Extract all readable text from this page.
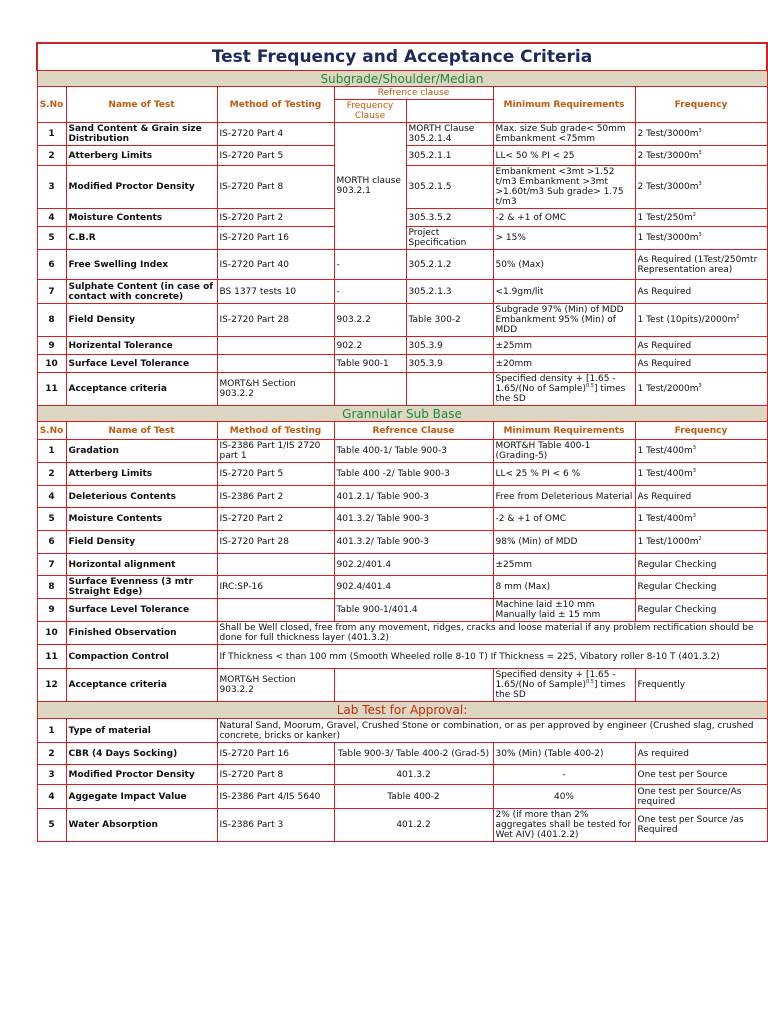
Test Frequency and Acceptance Criteria						
Subgrade/Shoulder/Median						
S.No	Name of Test	Method of Testing	Refrence clause		Minimum Requirements	Frequency
			Frequency Clause			
1	Sand Content & Grain size Distribution	IS-2720 Part 4	MORTH clause 903.2.1	MORTH Clause 305.2.1.4	Max. size Sub grade< 50mm Embankment <75mm	2 Test/$3000m^3$
2	Atterberg Limits	IS-2720 Part 5		305.2.1.1	LL< 50 % PI < 25	2 Test/$3000m^3$
3	Modified Proctor Density	IS-2720 Part 8		305.2.1.5	Embankment <3mt >1.52 t/m3 Embankment >3mt >1.60t/m3 Sub grade> 1.75 t/m3	2 Test/$3000m^3$
4	Moisture Contents	IS-2720 Part 2		305.3.5.2	-2 & +1 of OMC	1 Test/$250m^2$
5	C.B.R	IS-2720 Part 16		Project Specification	> 15%	1 Test/$3000m^3$
6	Free Swelling Index	IS-2720 Part 40	-	305.2.1.2	50% (Max)	As Required (1Test/250mtr Representation area)
7	Sulphate Content (in case of contact with concrete)	BS 1377 tests 10	-	305.2.1.3	<1.9gm/lit	As Required
8	Field Density	IS-2720 Part 28	903.2.2	Table 300-2	Subgrade 97% (Min) of MDD Embankment 95% (Min) of MDD	1 Test $(10pits)/2000m^2$
9	Horizental Tolerance		902.2	305.3.9	±25mm	As Required
10	Surface Level Tolerance		Table 900-1	305.3.9	±20mm	As Required
11	Acceptance criteria	MORT&H Section 903.2.2			Specified density + [1.65 - 1.65/(No of Sample)$^{0.5}$] times the SD	1 Test/$2000m^3$
Grannular Sub Base						
S.No	Name of Test	Method of Testing	Refrence Clause		Minimum Requirements	Frequency
1	Gradation	IS-2386 Part 1/IS 2720 part 1	Table 400-1/ Table 900-3		MORT&H Table 400-1 (Grading-5)	1 Test/$400m^3$
2	Atterberg Limits	IS-2720 Part 5	Table 400 -2/ Table 900-3		LL< 25 % PI < 6 %	1 Test/$400m^3$
4	Deleterious Contents	IS-2386 Part 2	401.2.1/ Table 900-3		Free from Deleterious Material	As Required
5	Moisture Contents	IS-2720 Part 2	401.3.2/ Table 900-3		-2 & +1 of OMC	1 Test/$400m^3$
6	Field Density	IS-2720 Part 28	401.3.2/ Table 900-3		98% (Min) of MDD	1 Test/$1000m^2$
7	Horizontal alignment		902.2/401.4		±25mm	Regular Checking
8	Surface Evenness (3 mtr Straight Edge)	IRC:SP-16	902.4/401.4		8 mm (Max)	Regular Checking
9	Surface Level Tolerance		Table 900-1/401.4		Machine laid ±10 mm Manually laid ± 15 mm	Regular Checking
10	Finished Observation	Shall be Well closed, free from any movement, ridges, cracks and loose material if any problem rectification should be done for full thickness layer (401.3.2)				
11	Compaction Control	If Thickness < than 100 mm (Smooth Wheeled rolle 8-10 T) If Thickness = 225, Vibatory roller 8-10 T (401.3.2)				
12	Acceptance criteria	MORT&H Section 903.2.2			Specified density + [1.65 - 1.65/(No of Sample)$^{0.5}$] times the SD	Frequently
Lab Test for Approval:						
1	Type of material	Natural Sand, Moorum, Gravel, Crushed Stone or combination, or as per approved by engineer (Crushed slag, crushed concrete, bricks or kanker)				
2	CBR (4 Days Socking)	IS-2720 Part 16	Table 900-3/ Table 400-2 (Grad-5)		30% (Min) (Table 400-2)	As required
3	Modified Proctor Density	IS-2720 Part 8	401.3.2		-	One test per Source
4	Aggegate Impact Value	IS-2386 Part 4/IS 5640	Table 400-2		40%	One test per Source/As required
5	Water Absorption	IS-2386 Part 3	401.2.2		2% (if more than 2% aggregates shall be tested for Wet AIV) (401.2.2)	One test per Source /as Required
